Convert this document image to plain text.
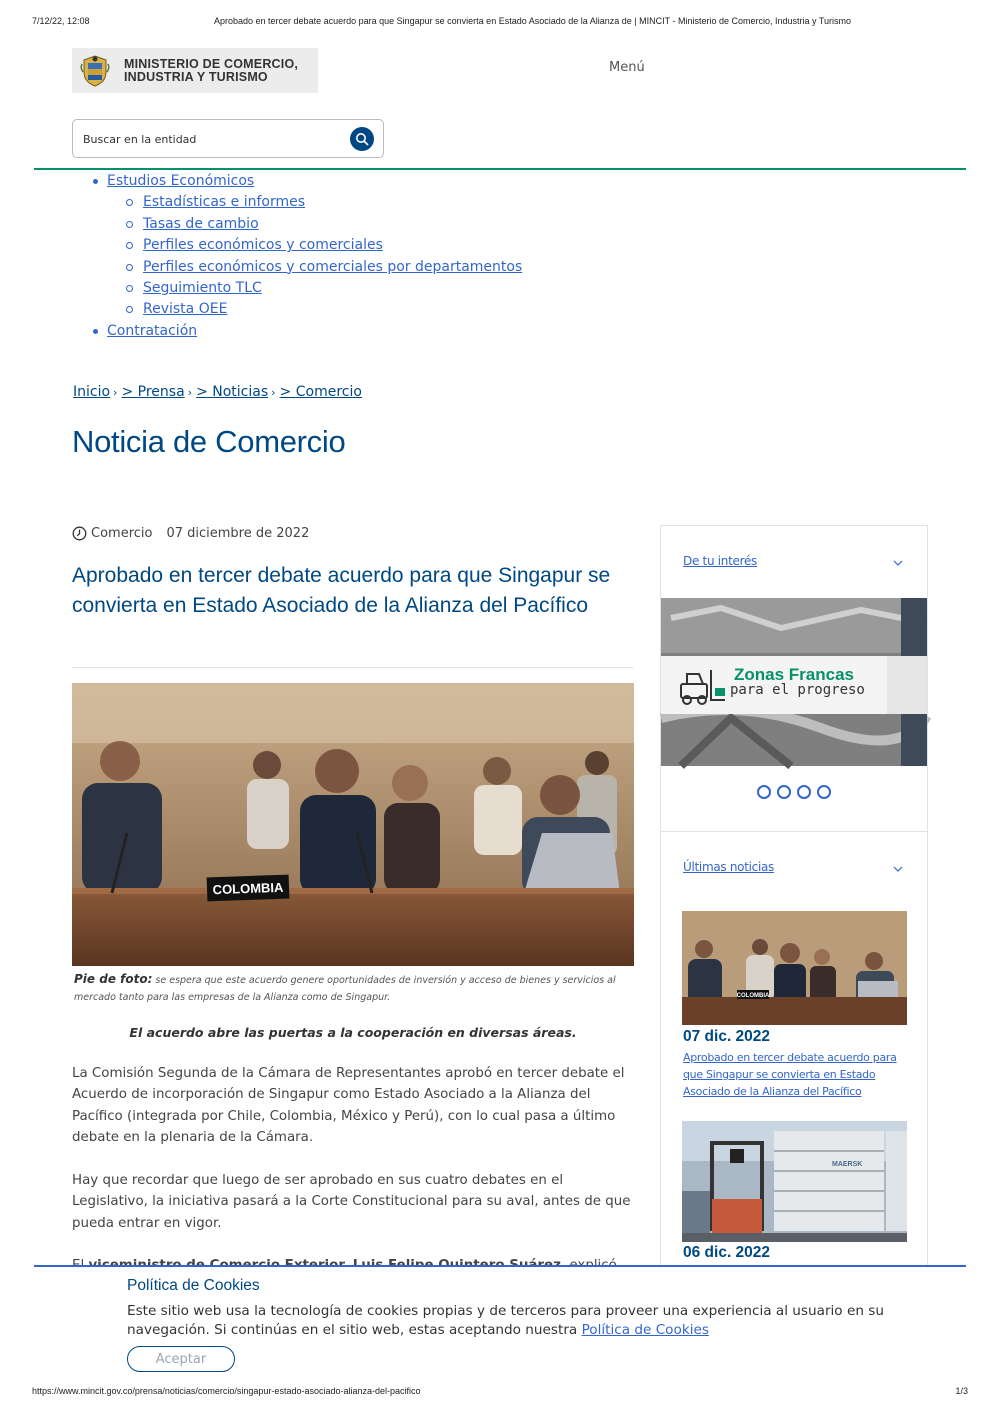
7/12/22, 12:08	Aprobado en tercer debate acuerdo para que Singapur se convierta en Estado Asociado de la Alianza de | MINCIT - Ministerio de Comercio, Industria y Turismo
MINISTERIO DE COMERCIO,
INDUSTRIA Y TURISMO
Menú
Buscar en la entidad
Estudios Económicos
Estadísticas e informes
Tasas de cambio
Perfiles económicos y comerciales
Perfiles económicos y comerciales por departamentos
Seguimiento TLC
Revista OEE
Contratación
Inicio › > Prensa › > Noticias › > Comercio
Noticia de Comercio
Comercio 07 diciembre de 2022
Aprobado en tercer debate acuerdo para que Singapur se convierta en Estado Asociado de la Alianza del Pacífico
COLOMBIA
Pie de foto: se espera que este acuerdo genere oportunidades de inversión y acceso de bienes y servicios al mercado tanto para las empresas de la Alianza como de Singapur.
El acuerdo abre las puertas a la cooperación en diversas áreas.

La Comisión Segunda de la Cámara de Representantes aprobó en tercer debate el Acuerdo de incorporación de Singapur como Estado Asociado a la Alianza del Pacífico (integrada por Chile, Colombia, México y Perú), con lo cual pasa a último debate en la plenaria de la Cámara.

Hay que recordar que luego de ser aprobado en sus cuatro debates en el Legislativo, la iniciativa pasará a la Corte Constitucional para su aval, antes de que pueda entrar en vigor.

De tu interés
Zonas Francas
para el progreso
Últimas noticias
COLOMBIA
07 dic. 2022
Aprobado en tercer debate acuerdo para que Singapur se convierta en Estado Asociado de la Alianza del Pacífico
MAERSK
06 dic. 2022
Política de Cookies
Este sitio web usa la tecnología de cookies propias y de terceros para proveer una experiencia al usuario en su navegación. Si continúas en el sitio web, estas aceptando nuestra Política de Cookies
Aceptar
https://www.mincit.gov.co/prensa/noticias/comercio/singapur-estado-asociado-alianza-del-pacifico	1/3
